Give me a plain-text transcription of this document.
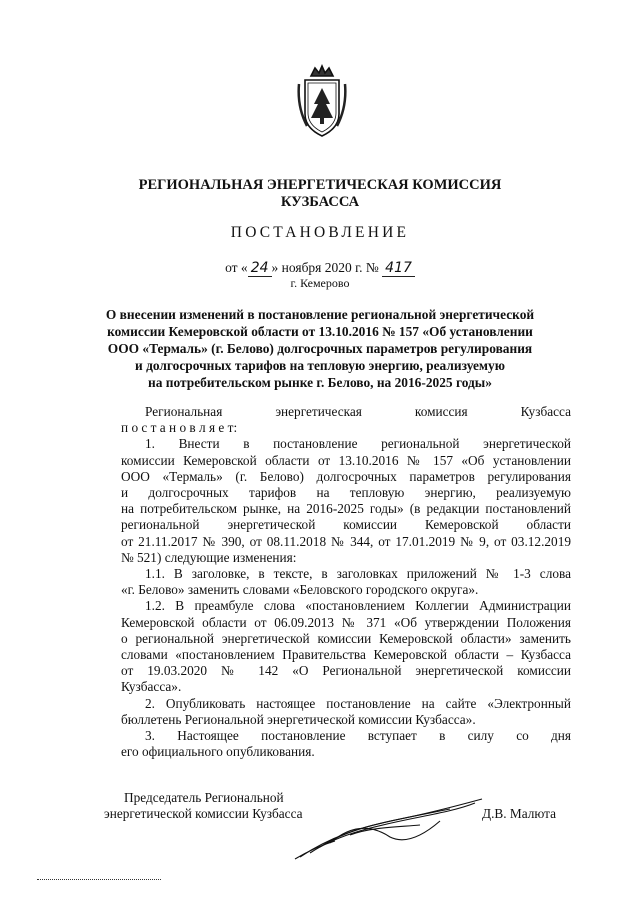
РЕГИОНАЛЬНАЯ ЭНЕРГЕТИЧЕСКАЯ КОМИССИЯ
КУЗБАССА
ПОСТАНОВЛЕНИЕ
от « 24 » ноября 2020 г. № 417
г. Кемерово
О внесении изменений в постановление региональной энергетической
комиссии Кемеровской области от 13.10.2016 № 157 «Об установлении
ООО «Термаль» (г. Белово) долгосрочных параметров регулирования
и долгосрочных тарифов на тепловую энергию, реализуемую
на потребительском рынке г. Белово, на 2016-2025 годы»
Региональная энергетическая комиссия Кузбасса
п о с т а н о в л я е т:
1. Внести в постановление региональной энергетической
комиссии Кемеровской области от 13.10.2016 № 157 «Об установлении
ООО «Термаль» (г. Белово) долгосрочных параметров регулирования
и долгосрочных тарифов на тепловую энергию, реализуемую
на потребительском рынке, на 2016-2025 годы» (в редакции постановлений
региональной энергетической комиссии Кемеровской области
от 21.11.2017 № 390, от 08.11.2018 № 344, от 17.01.2019 № 9, от 03.12.2019
№ 521) следующие изменения:
1.1. В заголовке, в тексте, в заголовках приложений № 1-3 слова
«г. Белово» заменить словами «Беловского городского округа».
1.2. В преамбуле слова «постановлением Коллегии Администрации
Кемеровской области от 06.09.2013 № 371 «Об утверждении Положения
о региональной энергетической комиссии Кемеровской области» заменить
словами «постановлением Правительства Кемеровской области – Кузбасса
от 19.03.2020 № 142 «О Региональной энергетической комиссии
Кузбасса».
2. Опубликовать настоящее постановление на сайте «Электронный
бюллетень Региональной энергетической комиссии Кузбасса».
3. Настоящее постановление вступает в силу со дня
его официального опубликования.
Председатель Региональной
энергетической комиссии Кузбасса	Д.В. Малюта
